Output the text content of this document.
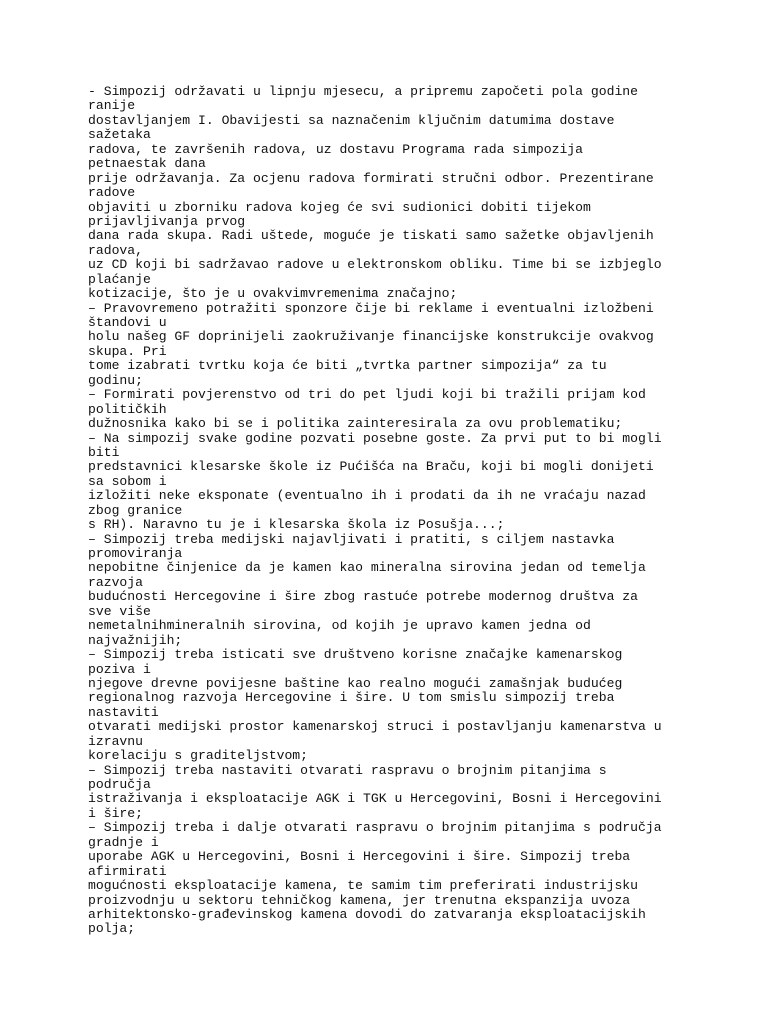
- Simpozij održavati u lipnju mjesecu, a pripremu započeti pola godine
ranije
dostavljanjem I. Obavijesti sa naznačenim ključnim datumima dostave
sažetaka
radova, te završenih radova, uz dostavu Programa rada simpozija
petnaestak dana
prije održavanja. Za ocjenu radova formirati stručni odbor. Prezentirane
radove
objaviti u zborniku radova kojeg će svi sudionici dobiti tijekom
prijavljivanja prvog
dana rada skupa. Radi uštede, moguće je tiskati samo sažetke objavljenih
radova,
uz CD koji bi sadržavao radove u elektronskom obliku. Time bi se izbjeglo
plaćanje
kotizacije, što je u ovakvimvremenima značajno;
– Pravovremeno potražiti sponzore čije bi reklame i eventualni izložbeni
štandovi u
holu našeg GF doprinijeli zaokruživanje financijske konstrukcije ovakvog
skupa. Pri
tome izabrati tvrtku koja će biti „tvrtka partner simpozija“ za tu
godinu;
– Formirati povjerenstvo od tri do pet ljudi koji bi tražili prijam kod
političkih
dužnosnika kako bi se i politika zainteresirala za ovu problematiku;
– Na simpozij svake godine pozvati posebne goste. Za prvi put to bi mogli
biti
predstavnici klesarske škole iz Pućišća na Braču, koji bi mogli donijeti
sa sobom i
izložiti neke eksponate (eventualno ih i prodati da ih ne vraćaju nazad
zbog granice
s RH). Naravno tu je i klesarska škola iz Posušja...;
– Simpozij treba medijski najavljivati i pratiti, s ciljem nastavka
promoviranja
nepobitne činjenice da je kamen kao mineralna sirovina jedan od temelja
razvoja
budućnosti Hercegovine i šire zbog rastuće potrebe modernog društva za
sve više
nemetalnihmineralnih sirovina, od kojih je upravo kamen jedna od
najvažnijih;
– Simpozij treba isticati sve društveno korisne značajke kamenarskog
poziva i
njegove drevne povijesne baštine kao realno mogući zamašnjak budućeg
regionalnog razvoja Hercegovine i šire. U tom smislu simpozij treba
nastaviti
otvarati medijski prostor kamenarskoj struci i postavljanju kamenarstva u
izravnu
korelaciju s graditeljstvom;
– Simpozij treba nastaviti otvarati raspravu o brojnim pitanjima s
područja
istraživanja i eksploatacije AGK i TGK u Hercegovini, Bosni i Hercegovini
i šire;
– Simpozij treba i dalje otvarati raspravu o brojnim pitanjima s područja
gradnje i
uporabe AGK u Hercegovini, Bosni i Hercegovini i šire. Simpozij treba
afirmirati
mogućnosti eksploatacije kamena, te samim tim preferirati industrijsku
proizvodnju u sektoru tehničkog kamena, jer trenutna ekspanzija uvoza
arhitektonsko-građevinskog kamena dovodi do zatvaranja eksploatacijskih
polja;
